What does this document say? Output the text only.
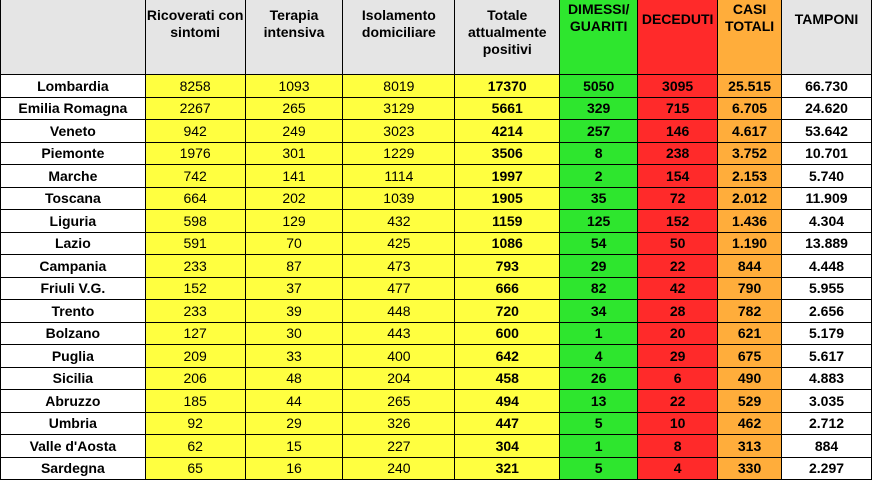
	Ricoverati con sintomi	Terapia intensiva	Isolamento domiciliare	Totale attualmente positivi	DIMESSI/ GUARITI	DECEDUTI	CASI TOTALI	TAMPONI
Lombardia	8258	1093	8019	17370	5050	3095	25.515	66.730
Emilia Romagna	2267	265	3129	5661	329	715	6.705	24.620
Veneto	942	249	3023	4214	257	146	4.617	53.642
Piemonte	1976	301	1229	3506	8	238	3.752	10.701
Marche	742	141	1114	1997	2	154	2.153	5.740
Toscana	664	202	1039	1905	35	72	2.012	11.909
Liguria	598	129	432	1159	125	152	1.436	4.304
Lazio	591	70	425	1086	54	50	1.190	13.889
Campania	233	87	473	793	29	22	844	4.448
Friuli V.G.	152	37	477	666	82	42	790	5.955
Trento	233	39	448	720	34	28	782	2.656
Bolzano	127	30	443	600	1	20	621	5.179
Puglia	209	33	400	642	4	29	675	5.617
Sicilia	206	48	204	458	26	6	490	4.883
Abruzzo	185	44	265	494	13	22	529	3.035
Umbria	92	29	326	447	5	10	462	2.712
Valle d'Aosta	62	15	227	304	1	8	313	884
Sardegna	65	16	240	321	5	4	330	2.297
